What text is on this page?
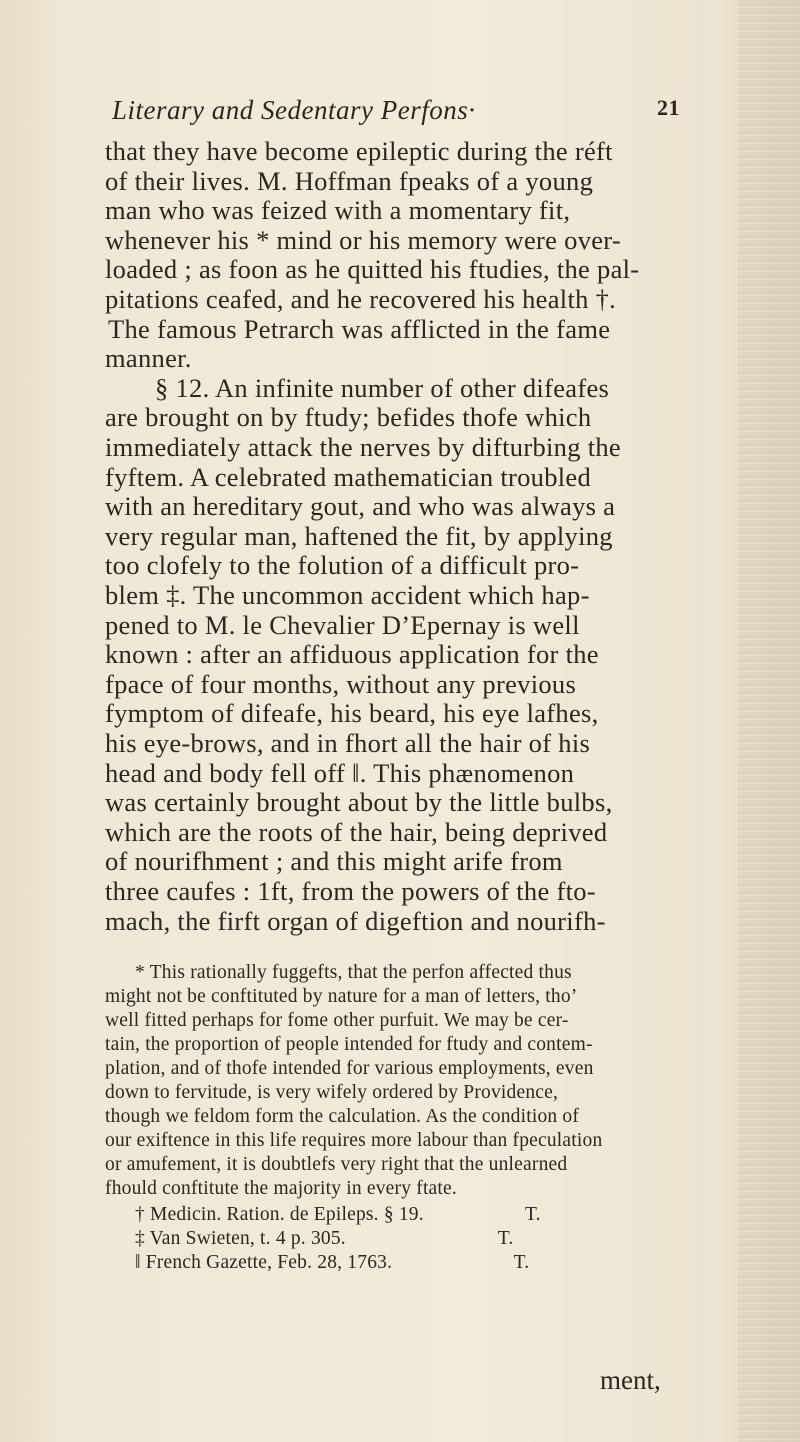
Literary and Sedentary Perfons·	21
that they have become epileptic during the réft
of their lives. M. Hoffman fpeaks of a young
man who was feized with a momentary fit,
whenever his * mind or his memory were over-
loaded ; as foon as he quitted his ftudies, the pal-
pitations ceafed, and he recovered his health †.
The famous Petrarch was afflicted in the fame
manner.
§ 12. An infinite number of other difeafes
are brought on by ftudy; befides thofe which
immediately attack the nerves by difturbing the
fyftem. A celebrated mathematician troubled
with an hereditary gout, and who was always a
very regular man, haftened the fit, by applying
too clofely to the folution of a difficult pro-
blem ‡. The uncommon accident which hap-
pened to M. le Chevalier D’Epernay is well
known : after an affiduous application for the
fpace of four months, without any previous
fymptom of difeafe, his beard, his eye lafhes,
his eye-brows, and in fhort all the hair of his
head and body fell off ‖. This phænomenon
was certainly brought about by the little bulbs,
which are the roots of the hair, being deprived
of nourifhment ; and this might arife from
three caufes : 1ft, from the powers of the fto-
mach, the firft organ of digeftion and nourifh-
* This rationally fuggefts, that the perfon affected thus
might not be conftituted by nature for a man of letters, tho’
well fitted perhaps for fome other purfuit. We may be cer-
tain, the proportion of people intended for ftudy and contem-
plation, and of thofe intended for various employments, even
down to fervitude, is very wifely ordered by Providence,
though we feldom form the calculation. As the condition of
our exiftence in this life requires more labour than fpeculation
or amufement, it is doubtlefs very right that the unlearned
fhould conftitute the majority in every ftate.
† Medicin. Ration. de Epileps. § 19.                    T.
‡ Van Swieten, t. 4 p. 305.                              T.
‖ French Gazette, Feb. 28, 1763.                        T.
ment,
